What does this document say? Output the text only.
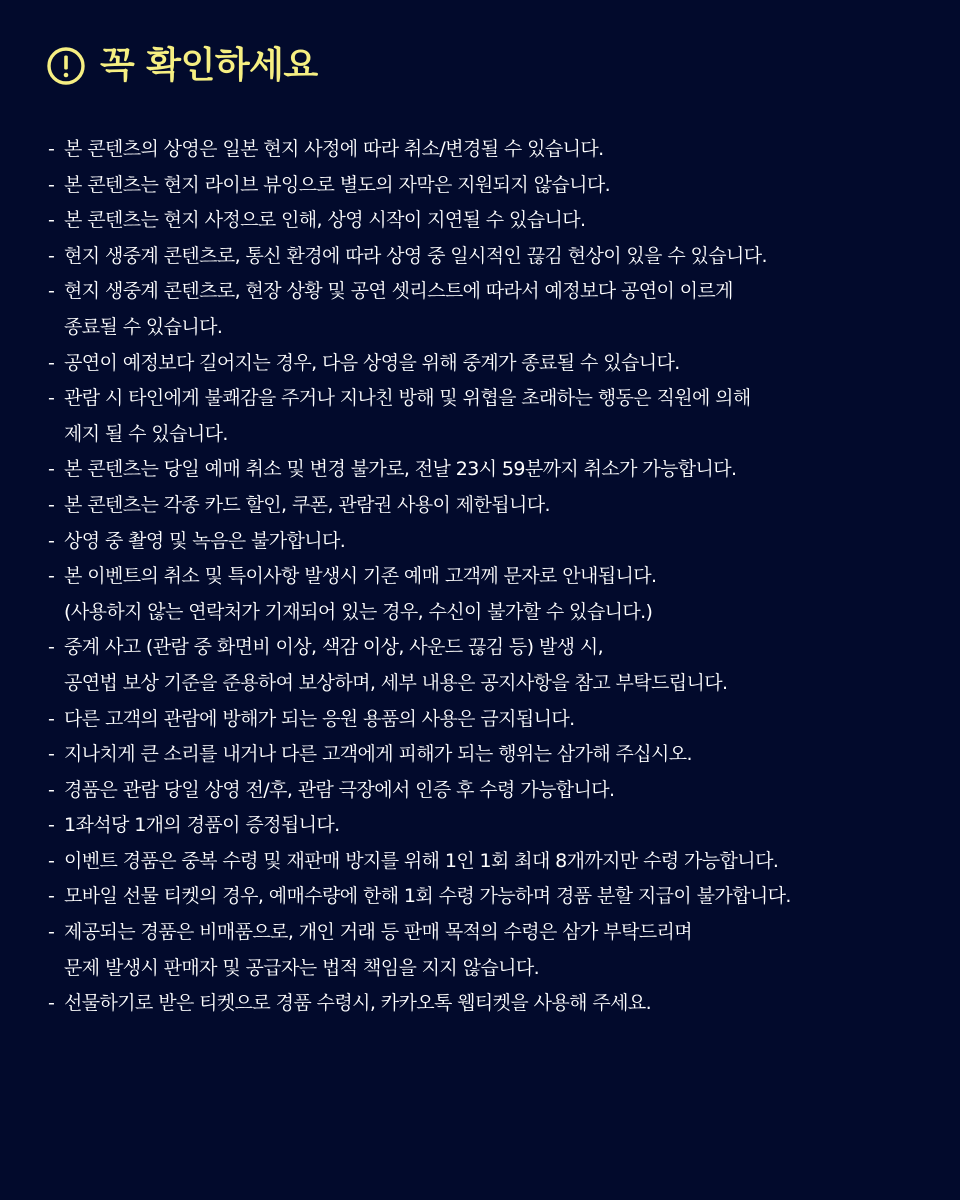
꼭 확인하세요
- 본 콘텐츠의 상영은 일본 현지 사정에 따라 취소/변경될 수 있습니다.
- 본 콘텐츠는 현지 라이브 뷰잉으로 별도의 자막은 지원되지 않습니다.
- 본 콘텐츠는 현지 사정으로 인해, 상영 시작이 지연될 수 있습니다.
- 현지 생중계 콘텐츠로, 통신 환경에 따라 상영 중 일시적인 끊김 현상이 있을 수 있습니다.
- 현지 생중계 콘텐츠로, 현장 상황 및 공연 셋리스트에 따라서 예정보다 공연이 이르게
종료될 수 있습니다.
- 공연이 예정보다 길어지는 경우, 다음 상영을 위해 중계가 종료될 수 있습니다.
- 관람 시 타인에게 불쾌감을 주거나 지나친 방해 및 위협을 초래하는 행동은 직원에 의해
제지 될 수 있습니다.
- 본 콘텐츠는 당일 예매 취소 및 변경 불가로, 전날 23시 59분까지 취소가 가능합니다.
- 본 콘텐츠는 각종 카드 할인, 쿠폰, 관람권 사용이 제한됩니다.
- 상영 중 촬영 및 녹음은 불가합니다.
- 본 이벤트의 취소 및 특이사항 발생시 기존 예매 고객께 문자로 안내됩니다.
(사용하지 않는 연락처가 기재되어 있는 경우, 수신이 불가할 수 있습니다.)
- 중계 사고 (관람 중 화면비 이상, 색감 이상, 사운드 끊김 등) 발생 시,
공연법 보상 기준을 준용하여 보상하며, 세부 내용은 공지사항을 참고 부탁드립니다.
- 다른 고객의 관람에 방해가 되는 응원 용품의 사용은 금지됩니다.
- 지나치게 큰 소리를 내거나 다른 고객에게 피해가 되는 행위는 삼가해 주십시오.
- 경품은 관람 당일 상영 전/후, 관람 극장에서 인증 후 수령 가능합니다.
- 1좌석당 1개의 경품이 증정됩니다.
- 이벤트 경품은 중복 수령 및 재판매 방지를 위해 1인 1회 최대 8개까지만 수령 가능합니다.
- 모바일 선물 티켓의 경우, 예매수량에 한해 1회 수령 가능하며 경품 분할 지급이 불가합니다.
- 제공되는 경품은 비매품으로, 개인 거래 등 판매 목적의 수령은 삼가 부탁드리며
문제 발생시 판매자 및 공급자는 법적 책임을 지지 않습니다.
- 선물하기로 받은 티켓으로 경품 수령시, 카카오톡 웹티켓을 사용해 주세요.
